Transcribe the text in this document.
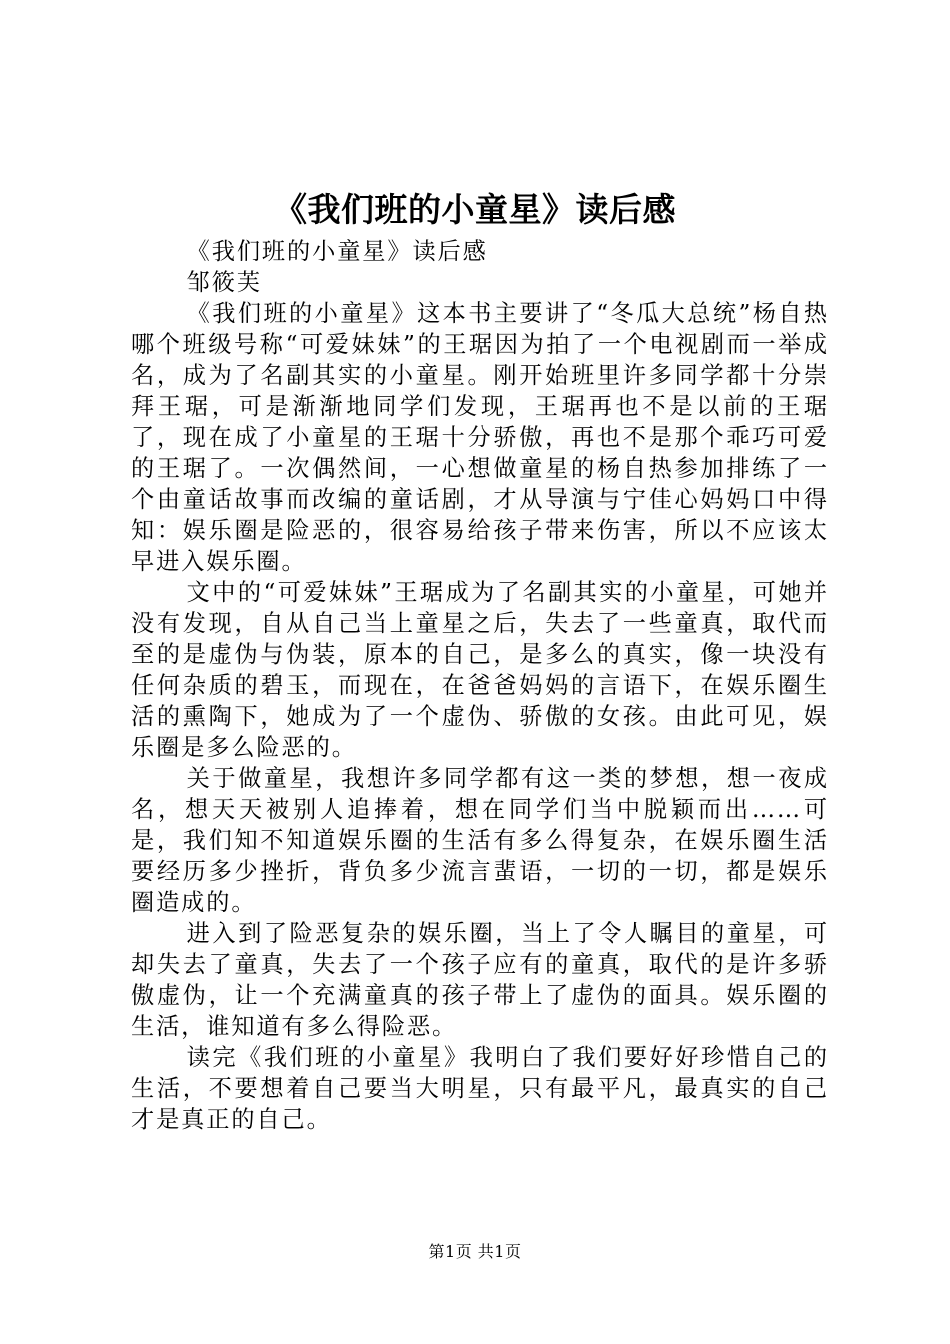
《我们班的小童星》读后感

《我们班的小童星》读后感

邹筱芙

《我们班的小童星》这本书主要讲了“冬瓜大总统”杨自热哪个班级号称“可爱妹妹”的王琚因为拍了一个电视剧而一举成名，成为了名副其实的小童星。刚开始班里许多同学都十分崇拜王琚，可是渐渐地同学们发现，王琚再也不是以前的王琚了，现在成了小童星的王琚十分骄傲，再也不是那个乖巧可爱的王琚了。一次偶然间，一心想做童星的杨自热参加排练了一个由童话故事而改编的童话剧，才从导演与宁佳心妈妈口中得知：娱乐圈是险恶的，很容易给孩子带来伤害，所以不应该太早进入娱乐圈。

文中的“可爱妹妹”王琚成为了名副其实的小童星，可她并没有发现，自从自己当上童星之后，失去了一些童真，取代而至的是虚伪与伪装，原本的自己，是多么的真实，像一块没有任何杂质的碧玉，而现在，在爸爸妈妈的言语下，在娱乐圈生活的熏陶下，她成为了一个虚伪、骄傲的女孩。由此可见，娱乐圈是多么险恶的。

关于做童星，我想许多同学都有这一类的梦想，想一夜成名，想天天被别人追捧着，想在同学们当中脱颖而出……可是，我们知不知道娱乐圈的生活有多么得复杂，在娱乐圈生活要经历多少挫折，背负多少流言蜚语，一切的一切，都是娱乐圈造成的。

进入到了险恶复杂的娱乐圈，当上了令人瞩目的童星，可却失去了童真，失去了一个孩子应有的童真，取代的是许多骄傲虚伪，让一个充满童真的孩子带上了虚伪的面具。娱乐圈的生活，谁知道有多么得险恶。

读完《我们班的小童星》我明白了我们要好好珍惜自己的生活，不要想着自己要当大明星，只有最平凡，最真实的自己才是真正的自己。

第1页 共1页
